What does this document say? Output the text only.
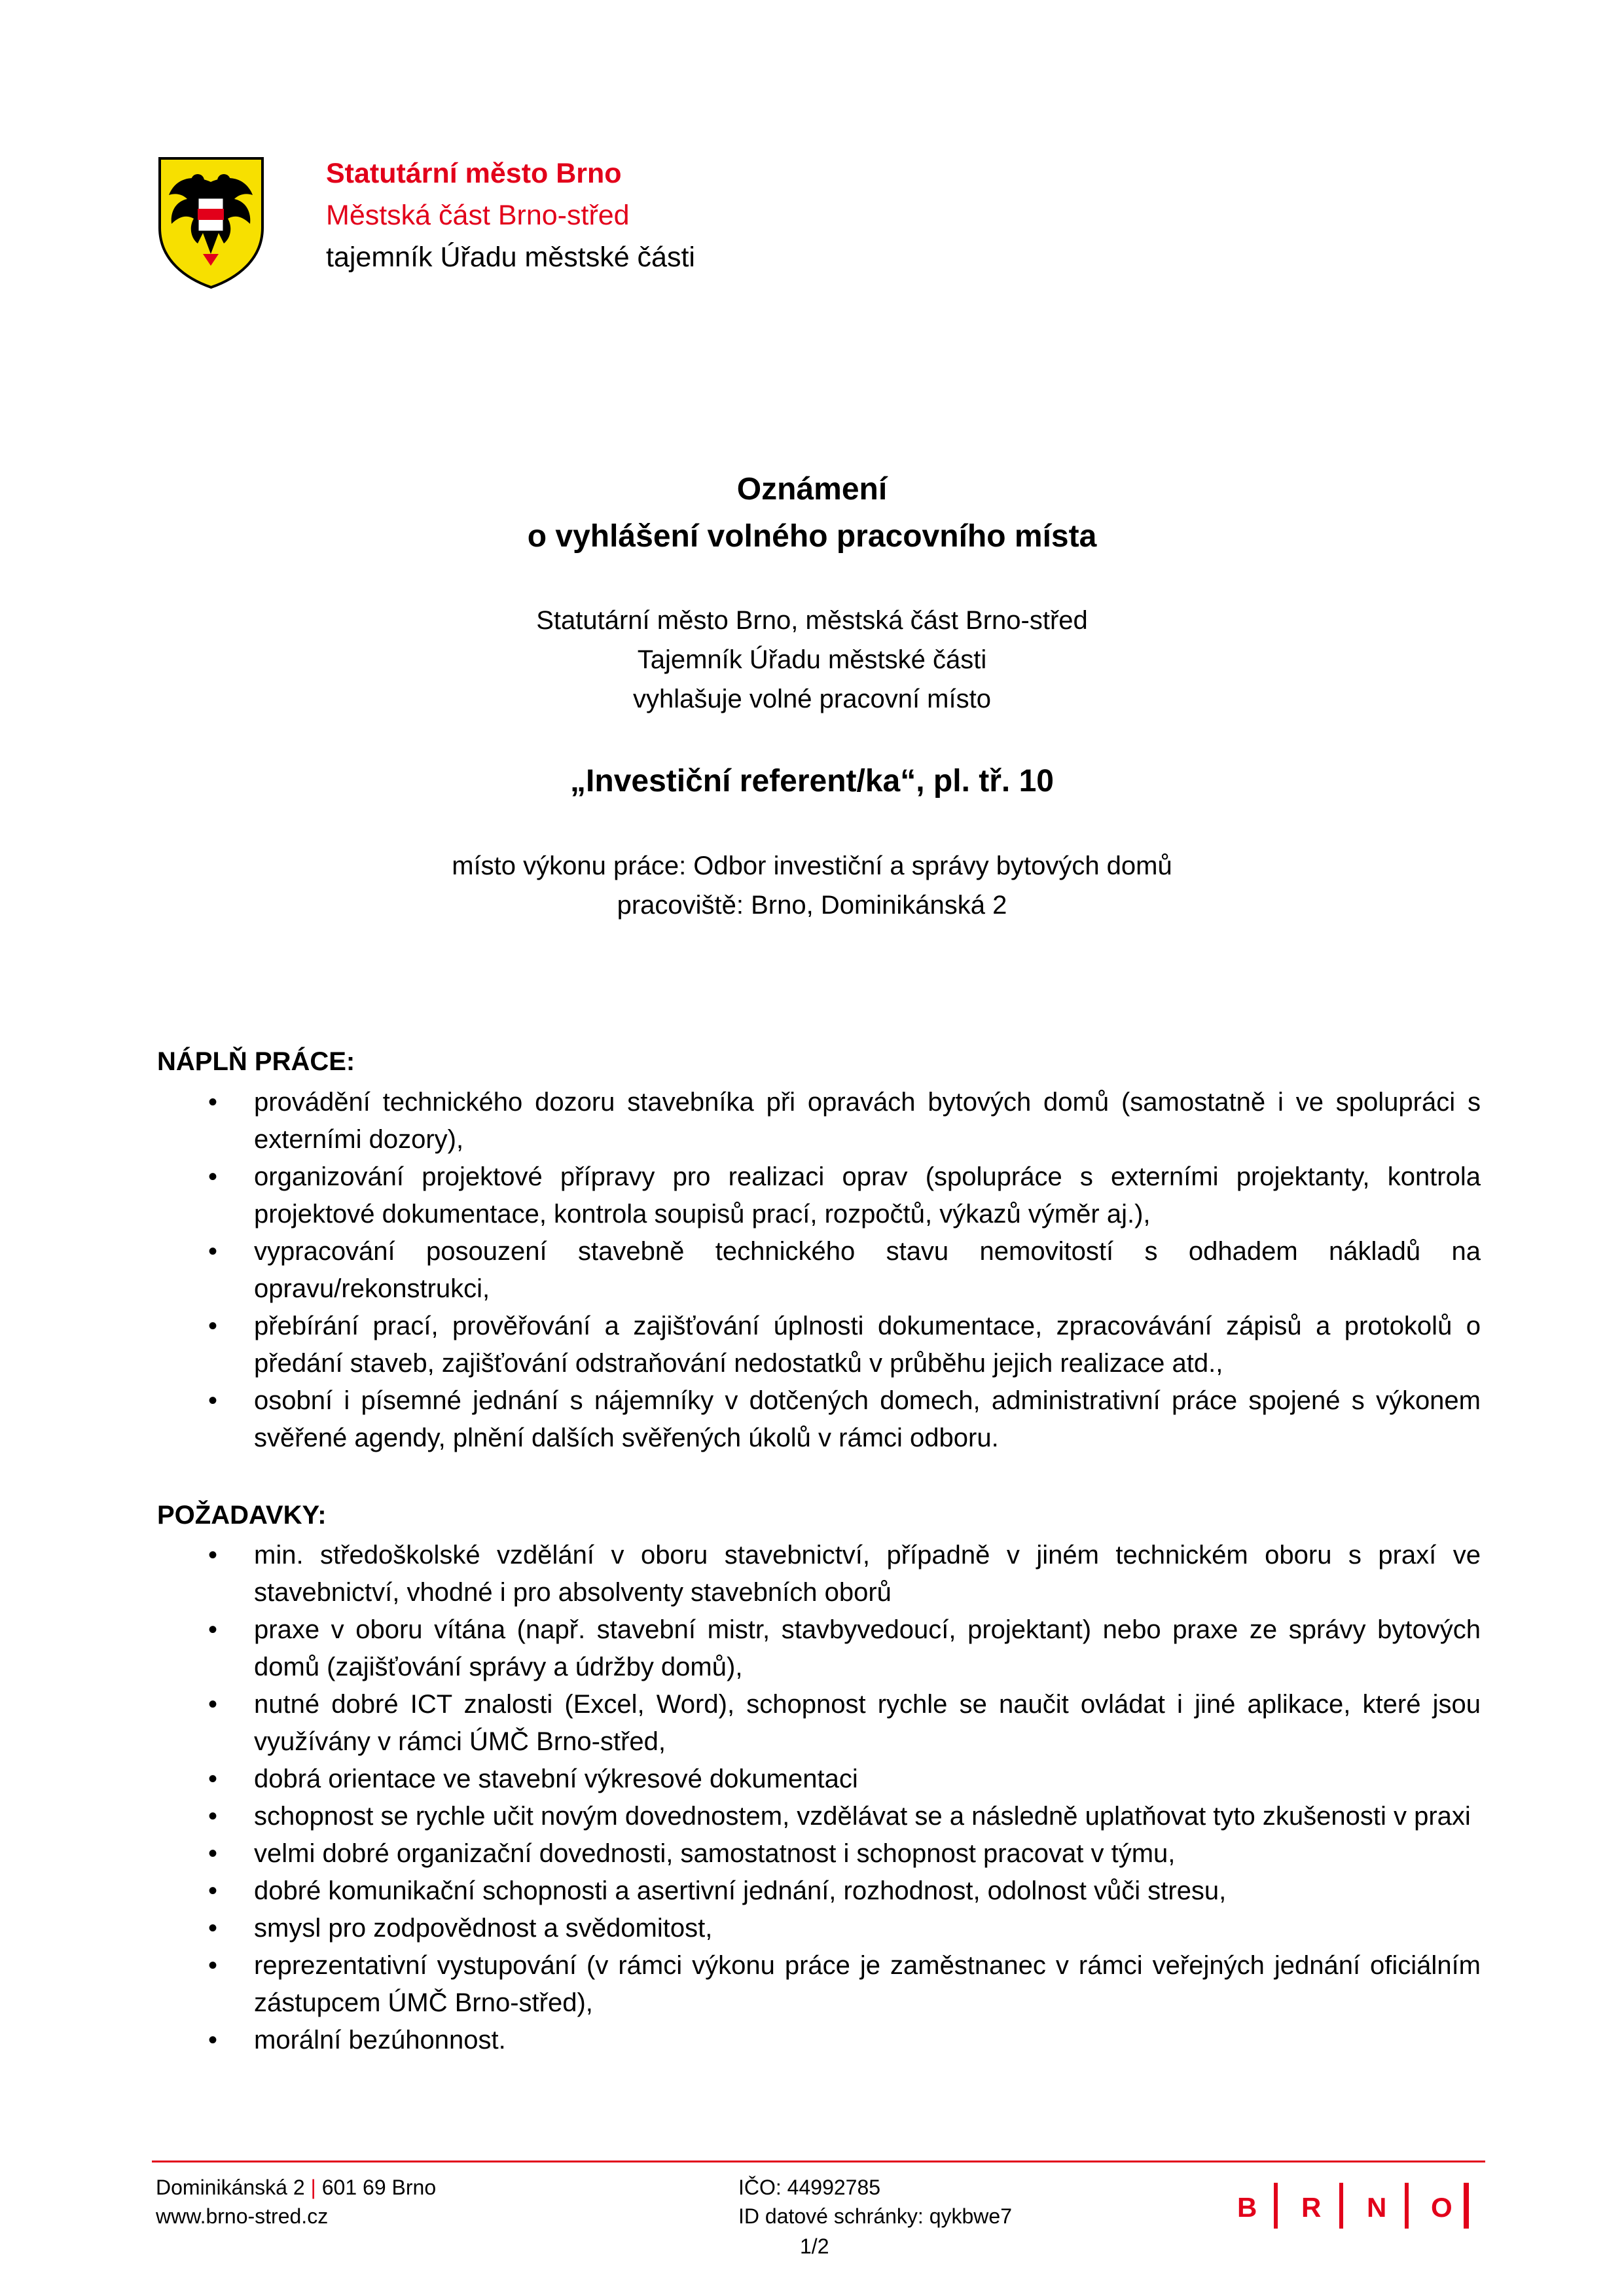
Statutární město Brno
Městská část Brno-střed
tajemník Úřadu městské části
Oznámení
o vyhlášení volného pracovního místa
Statutární město Brno, městská část Brno-střed
Tajemník Úřadu městské části
vyhlašuje volné pracovní místo
„Investiční referent/ka“, pl. tř. 10
místo výkonu práce: Odbor investiční a správy bytových domů
pracoviště: Brno, Dominikánská 2
NÁPLŇ PRÁCE:
• provádění technického dozoru stavebníka při opravách bytových domů (samostatně i ve spolupráci s externími dozory),
• organizování projektové přípravy pro realizaci oprav (spolupráce s externími projektanty, kontrola projektové dokumentace, kontrola soupisů prací, rozpočtů, výkazů výměr aj.),
• vypracování posouzení stavebně technického stavu nemovitostí s odhadem nákladů na opravu/rekonstrukci,
• přebírání prací, prověřování a zajišťování úplnosti dokumentace, zpracovávání zápisů a protokolů o předání staveb, zajišťování odstraňování nedostatků v průběhu jejich realizace atd.,
• osobní i písemné jednání s nájemníky v dotčených domech, administrativní práce spojené s výkonem svěřené agendy, plnění dalších svěřených úkolů v rámci odboru.
POŽADAVKY:
• min. středoškolské vzdělání v oboru stavebnictví, případně v jiném technickém oboru s praxí ve stavebnictví, vhodné i pro absolventy stavebních oborů
• praxe v oboru vítána (např. stavební mistr, stavbyvedoucí, projektant) nebo praxe ze správy bytových domů (zajišťování správy a údržby domů),
• nutné dobré ICT znalosti (Excel, Word), schopnost rychle se naučit ovládat i jiné aplikace, které jsou využívány v rámci ÚMČ Brno-střed,
• dobrá orientace ve stavební výkresové dokumentaci
• schopnost se rychle učit novým dovednostem, vzdělávat se a následně uplatňovat tyto zkušenosti v praxi
• velmi dobré organizační dovednosti, samostatnost i schopnost pracovat v týmu,
• dobré komunikační schopnosti a asertivní jednání, rozhodnost, odolnost vůči stresu,
• smysl pro zodpovědnost a svědomitost,
• reprezentativní vystupování (v rámci výkonu práce je zaměstnanec v rámci veřejných jednání oficiálním zástupcem ÚMČ Brno-střed),
• morální bezúhonnost.
Dominikánská 2 | 601 69 Brno
www.brno-stred.cz
IČO: 44992785
ID datové schránky: qykbwe7
1/2
B R N O
